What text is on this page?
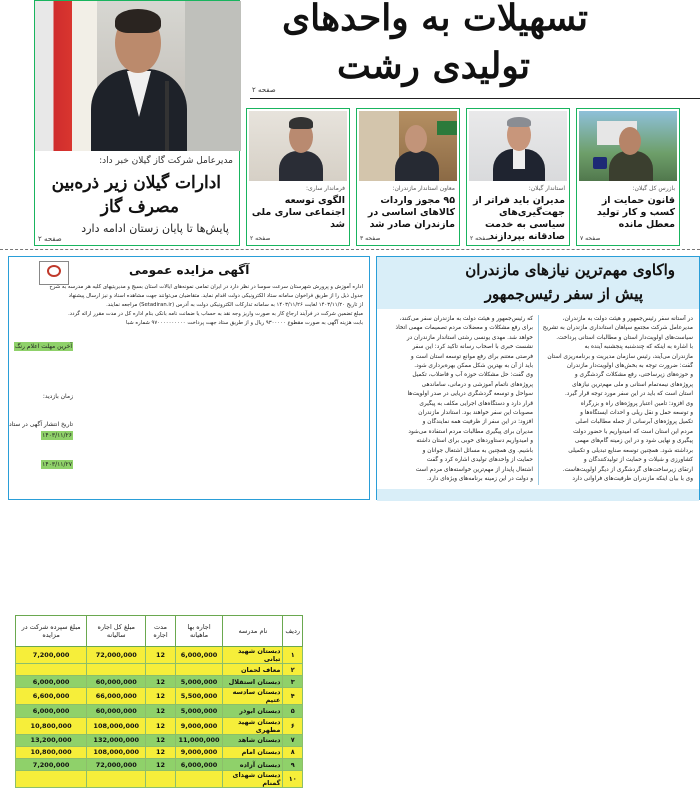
مدیرعامل شرکت گاز گیلان خبر داد:
ادارات گیلان زیر ذره‌بین
مصرف گاز
پایش‌ها تا پایان زستان ادامه دارد
صفحه ۲
تسهیلات به واحدهای
تولیدی رشت
صفحه ۲
فرماندار ساری:
الگوی توسعه اجتماعی ساری ملی شد
صفحه ۲
معاون استاندار مازندران:
۹۵ مجوز واردات کالاهای اساسی در مازندران صادر شد
صفحه ۳
استاندار گیلان:
مدیران باید فراتر از جهت‌گیری‌های سیاسی به خدمت صادقانه بپردازند
صفحه ۲
بازرس کل گیلان:
قانون حمایت از کسب و کار تولید معطل مانده
صفحه ۷
آگهی مزایده عمومی
اداره آموزش و پرورش شهرستان سرعت سوسا در نظر دارد در ایران تمامی نمونه‌های ایالات استان بسیج و مدیریتیهای کلیه هر مدرسه به شرح
جدول ذیل را از طریق فراخوان سامانه ستاد الکترونیکی دولت اقدام نماید. متقاضیان می‌توانند جهت مشاهده اسناد و نیز ارسال پیشنهاد
از تاریخ ۱۴۰۳/۱۱/۲۰ لغایت ۱۴۰۳/۱۱/۲۶ به سامانه تدارکات الکترونیکی دولت به آدرس (Setadiran.ir) مراجعه نمایند.
مبلغ تضمین شرکت در فرآیند ارجاع کار به صورت واریز وجه نقد به حساب یا ضمانت نامه بانکی بنام اداره کل در مدت مقرر ارائه گردد.
بابت هزینه آگهی به صورت مقطوع ۹۳۰۰۰۰۰ ریال و از طریق ستاد جهت پرداخت ۹۷۰۰۰۰۰۰۰۰۰۰ شماره شبا
ردیف	نام مدرسه	اجاره بها ماهیانه	مدت اجاره	مبلغ کل اجاره سالیانه	مبلغ سپرده شرکت در مزایده
۱	دبستان شهید تبانی	6,000,000	12	72,000,000	7,200,000
۲	معاف لحمان				
۳	دبستان استقلال	5,000,000	12	60,000,000	6,000,000
۴	دبستان سادسه عتیم	5,500,000	12	66,000,000	6,600,000
۵	دبستان ابوذر	5,000,000	12	60,000,000	6,000,000
۶	دبستان شهید مطهری	9,000,000	12	108,000,000	10,800,000
۷	دبستان شاهد	11,000,000	12	132,000,000	13,200,000
۸	دبستان امام	9,000,000	12	108,000,000	10,800,000
۹	دبستان آزاده	6,000,000	12	72,000,000	7,200,000
۱۰	دبستان شهدای گمنام				
آخرین مهلت اعلام رنگ
زمان بازدید:
تاریخ انتشار آگهی در ستاد
۱۴۰۳/۱۱/۲۶
۱۴۰۳/۱۱/۲۷
واکاوی مهم‌ترین نیازهای مازندران
پیش از سفر رئیس‌جمهور
در آستانه سفر رئیس‌جمهور و هیئت دولت به مازندران،
مدیرعامل شرکت مجتمع سپاهان استانداری مازندران به تشریح
سیاست‌های اولویت‌دار استان و مطالبات استانی پرداخت.
با اشاره به اینکه که چندشنبه پنجشنبه آینده به
مازندران می‌آیند، رئیس سازمان مدیریت و برنامه‌ریزی استان
گفت: ضرورت توجه به بخش‌های اولویت‌دار مازندران
و حوزه‌های زیرساختی، رفع مشکلات گردشگری و
پروژه‌های نیمه‌تمام استانی و ملی مهم‌ترین نیازهای
استان است که باید در این سفر مورد توجه قرار گیرد.
وی افزود: تامین اعتبار پروژه‌های راه و بزرگراه
و توسعه حمل و نقل ریلی و احداث ایستگاه‌ها و
تکمیل پروژه‌های آبرسانی از جمله مطالبات اصلی
مردم این استان است که امیدواریم با حضور دولت
پیگیری و نهایی شود و در این زمینه گام‌های مهمی
برداشته شود. همچنین توسعه صنایع تبدیلی و تکمیلی
کشاورزی و شیلات و حمایت از تولیدکنندگان و
ارتقای زیرساخت‌های گردشگری از دیگر اولویت‌هاست.
وی با بیان اینکه مازندران ظرفیت‌های فراوانی دارد
که رئیس‌جمهور و هیئت دولت به مازندران سفر می‌کنند،
برای رفع مشکلات و معضلات مردم تصمیمات مهمی اتخاذ
خواهد شد. مهدی یونسی رشتی استاندار مازندران در
نشست خبری با اصحاب رسانه تاکید کرد: این سفر
فرصتی مغتنم برای رفع موانع توسعه استان است و
باید از آن به بهترین شکل ممکن بهره‌برداری شود.
وی گفت: حل مشکلات حوزه آب و فاضلاب، تکمیل
پروژه‌های ناتمام آموزشی و درمانی، ساماندهی
سواحل و توسعه گردشگری دریایی در صدر اولویت‌ها
قرار دارد و دستگاه‌های اجرایی مکلف به پیگیری
مصوبات این سفر خواهند بود. استاندار مازندران
افزود: در این سفر از ظرفیت همه نمایندگان و
مدیران برای پیگیری مطالبات مردم استفاده می‌شود
و امیدواریم دستاوردهای خوبی برای استان داشته
باشیم. وی همچنین به مسائل اشتغال جوانان و
حمایت از واحدهای تولیدی اشاره کرد و گفت
اشتغال پایدار از مهم‌ترین خواسته‌های مردم است
و دولت در این زمینه برنامه‌های ویژه‌ای دارد.
